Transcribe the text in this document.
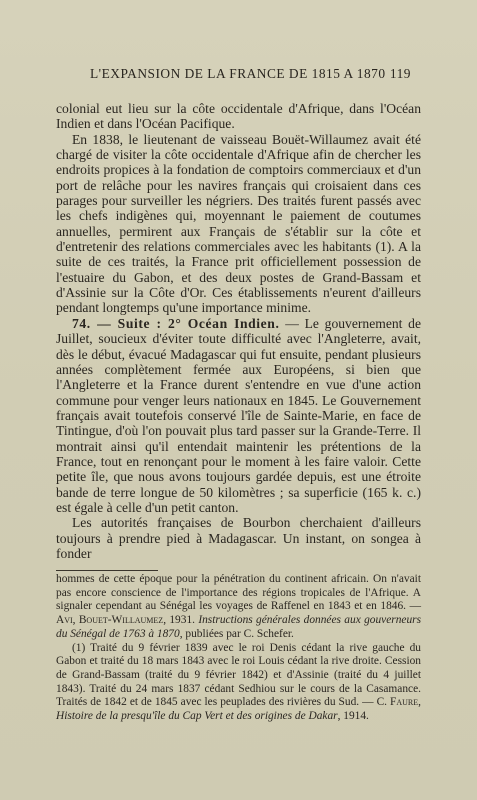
L'EXPANSION DE LA FRANCE DE 1815 A 1870 119

colonial eut lieu sur la côte occidentale d'Afrique, dans l'Océan Indien et dans l'Océan Pacifique.

En 1838, le lieutenant de vaisseau Bouët-Willaumez avait été chargé de visiter la côte occidentale d'Afrique afin de chercher les endroits propices à la fondation de comptoirs commerciaux et d'un port de relâche pour les navires français qui croisaient dans ces parages pour surveiller les négriers. Des traités furent passés avec les chefs indigènes qui, moyennant le paiement de coutumes annuelles, permirent aux Français de s'établir sur la côte et d'entretenir des relations commerciales avec les habitants (1). A la suite de ces traités, la France prit officiellement possession de l'estuaire du Gabon, et des deux postes de Grand-Bassam et d'Assinie sur la Côte d'Or. Ces établissements n'eurent d'ailleurs pendant longtemps qu'une importance minime.

74. — Suite : 2° Océan Indien. — Le gouvernement de Juillet, soucieux d'éviter toute difficulté avec l'Angleterre, avait, dès le début, évacué Madagascar qui fut ensuite, pendant plusieurs années complètement fermée aux Européens, si bien que l'Angleterre et la France durent s'entendre en vue d'une action commune pour venger leurs nationaux en 1845. Le Gouvernement français avait toutefois conservé l'île de Sainte-Marie, en face de Tintingue, d'où l'on pouvait plus tard passer sur la Grande-Terre. Il montrait ainsi qu'il entendait maintenir les prétentions de la France, tout en renonçant pour le moment à les faire valoir. Cette petite île, que nous avons toujours gardée depuis, est une étroite bande de terre longue de 50 kilomètres ; sa superficie (165 k. c.) est égale à celle d'un petit canton.

Les autorités françaises de Bourbon cherchaient d'ailleurs toujours à prendre pied à Madagascar. Un instant, on songea à fonder

hommes de cette époque pour la pénétration du continent africain. On n'avait pas encore conscience de l'importance des régions tropicales de l'Afrique. A signaler cependant au Sénégal les voyages de Raffenel en 1843 et en 1846. — Avi, Bouet-Willaumez, 1931. Instructions générales données aux gouverneurs du Sénégal de 1763 à 1870, publiées par C. Schefer.

(1) Traité du 9 février 1839 avec le roi Denis cédant la rive gauche du Gabon et traité du 18 mars 1843 avec le roi Louis cédant la rive droite. Cession de Grand-Bassam (traité du 9 février 1842) et d'Assinie (traité du 4 juillet 1843). Traité du 24 mars 1837 cédant Sedhiou sur le cours de la Casamance. Traités de 1842 et de 1845 avec les peuplades des rivières du Sud. — C. Faure, Histoire de la presqu'île du Cap Vert et des origines de Dakar, 1914.
